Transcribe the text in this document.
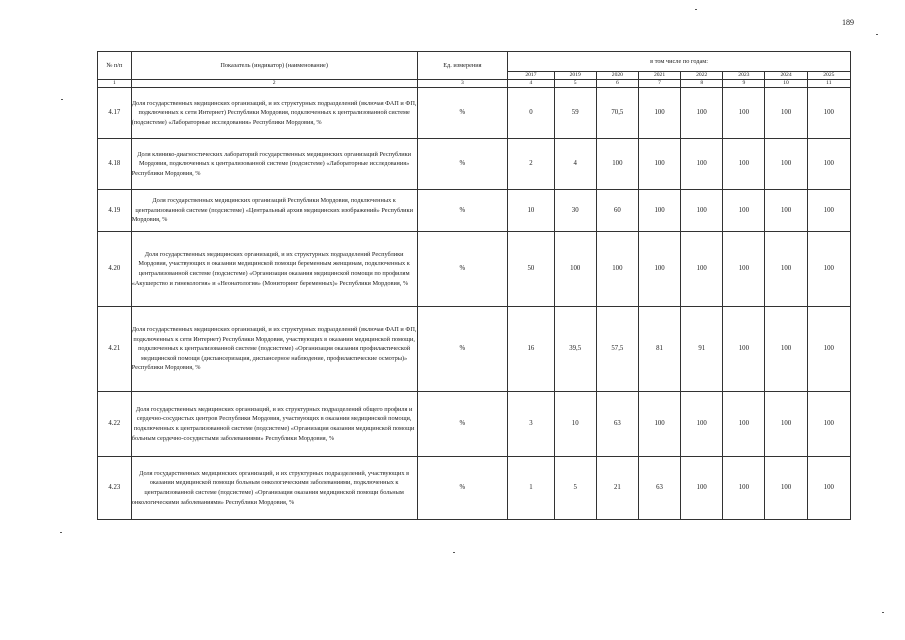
189
№ п/п	Показатель (индикатор) (наименование)	Ед. измерения	в том числе по годам:							
			2017	2019	2020	2021	2022	2023	2024	2025
1	2	3	4	5	6	7	8	9	10	11
4.17	Доля государственных медицинских организаций, и их структурных подразделений (включая ФАП и ФП, подключенных к сети Интернет) Республики Мордовия, подключенных к централизованной системе (подсистеме) «Лабораторные исследования» Республики Мордовия, %	%	0	59	70,5	100	100	100	100	100
4.18	Доля клинико-диагностических лабораторий государственных медицинских организаций Республики Мордовия, подключенных к централизованной системе (подсистеме) «Лабораторные исследования» Республики Мордовия, %	%	2	4	100	100	100	100	100	100
4.19	Доля государственных медицинских организаций Республики Мордовия, подключенных к централизованной системе (подсистеме) «Центральный архив медицинских изображений» Республики Мордовия, %	%	10	30	60	100	100	100	100	100
4.20	Доля государственных медицинских организаций, и их структурных подразделений Республики Мордовия, участвующих в оказании медицинской помощи беременным женщинам, подключенных к централизованной системе (подсистеме) «Организация оказания медицинской помощи по профилям «Акушерство и гинекология» и «Неонатология» (Мониторинг беременных)» Республики Мордовия, %	%	50	100	100	100	100	100	100	100
4.21	Доля государственных медицинских организаций, и их структурных подразделений (включая ФАП и ФП, подключенных к сети Интернет) Республики Мордовия, участвующих в оказании медицинской помощи, подключенных к централизованной системе (подсистеме) «Организация оказания профилактической медицинской помощи (диспансеризация, диспансерное наблюдение, профилактические осмотры)» Республики Мордовия, %	%	16	39,5	57,5	81	91	100	100	100
4.22	Доля государственных медицинских организаций, и их структурных подразделений общего профиля и сердечно-сосудистых центров Республики Мордовия, участвующих в оказании медицинской помощи, подключенных к централизованной системе (подсистеме) «Организация оказания медицинской помощи больным сердечно-сосудистыми заболеваниями» Республики Мордовия, %	%	3	10	63	100	100	100	100	100
4.23	Доля государственных медицинских организаций, и их структурных подразделений, участвующих в оказании медицинской помощи больным онкологическими заболеваниями, подключенных к централизованной системе (подсистеме) «Организация оказания медицинской помощи больным онкологическими заболеваниями» Республики Мордовия, %	%	1	5	21	63	100	100	100	100
